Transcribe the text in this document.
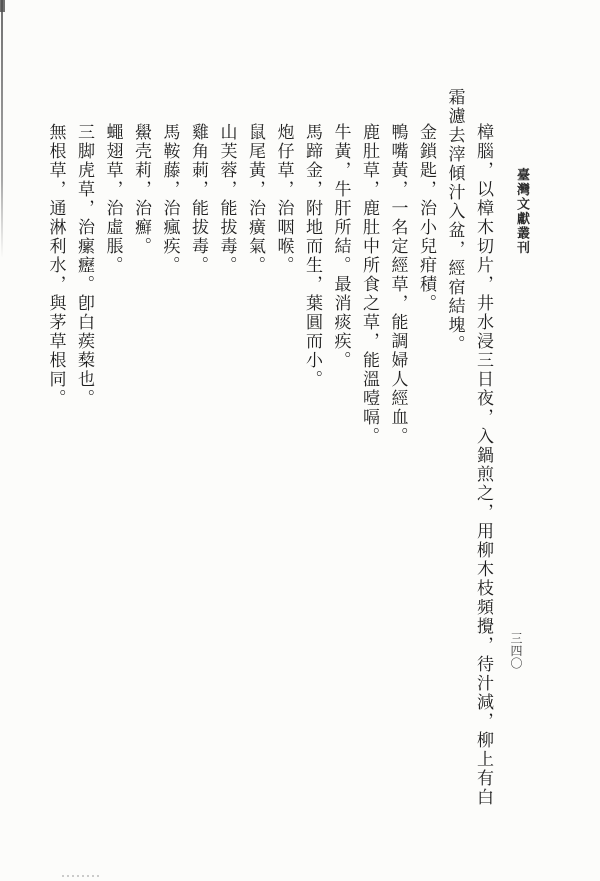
臺灣文獻叢刊
三四〇

樟腦，以樟木切片，井水浸三日夜，入鍋煎之，用柳木枝頻攪，待汁減，柳上有白霜濾去滓傾汁入盆，經宿結塊。

金鎖匙，治小兒疳積。

鴨嘴黃，一名定經草，能調婦人經血。

鹿肚草，鹿肚中所食之草，能溫噎嗝。

牛黃，牛肝所結。最消痰疾。

馬蹄金，附地而生，葉圓而小。

炮仔草，治咽喉。

鼠尾黃，治癀氣。

山芙蓉，能拔毒。

雞角莿，能拔毒。

馬鞍藤，治瘋疾。

鱟壳莉，治癬。

蠅翅草，治虛脹。

三脚虎草，治瘰癧。卽白蒺蔾也。

無根草，通淋利水，與茅草根同。
